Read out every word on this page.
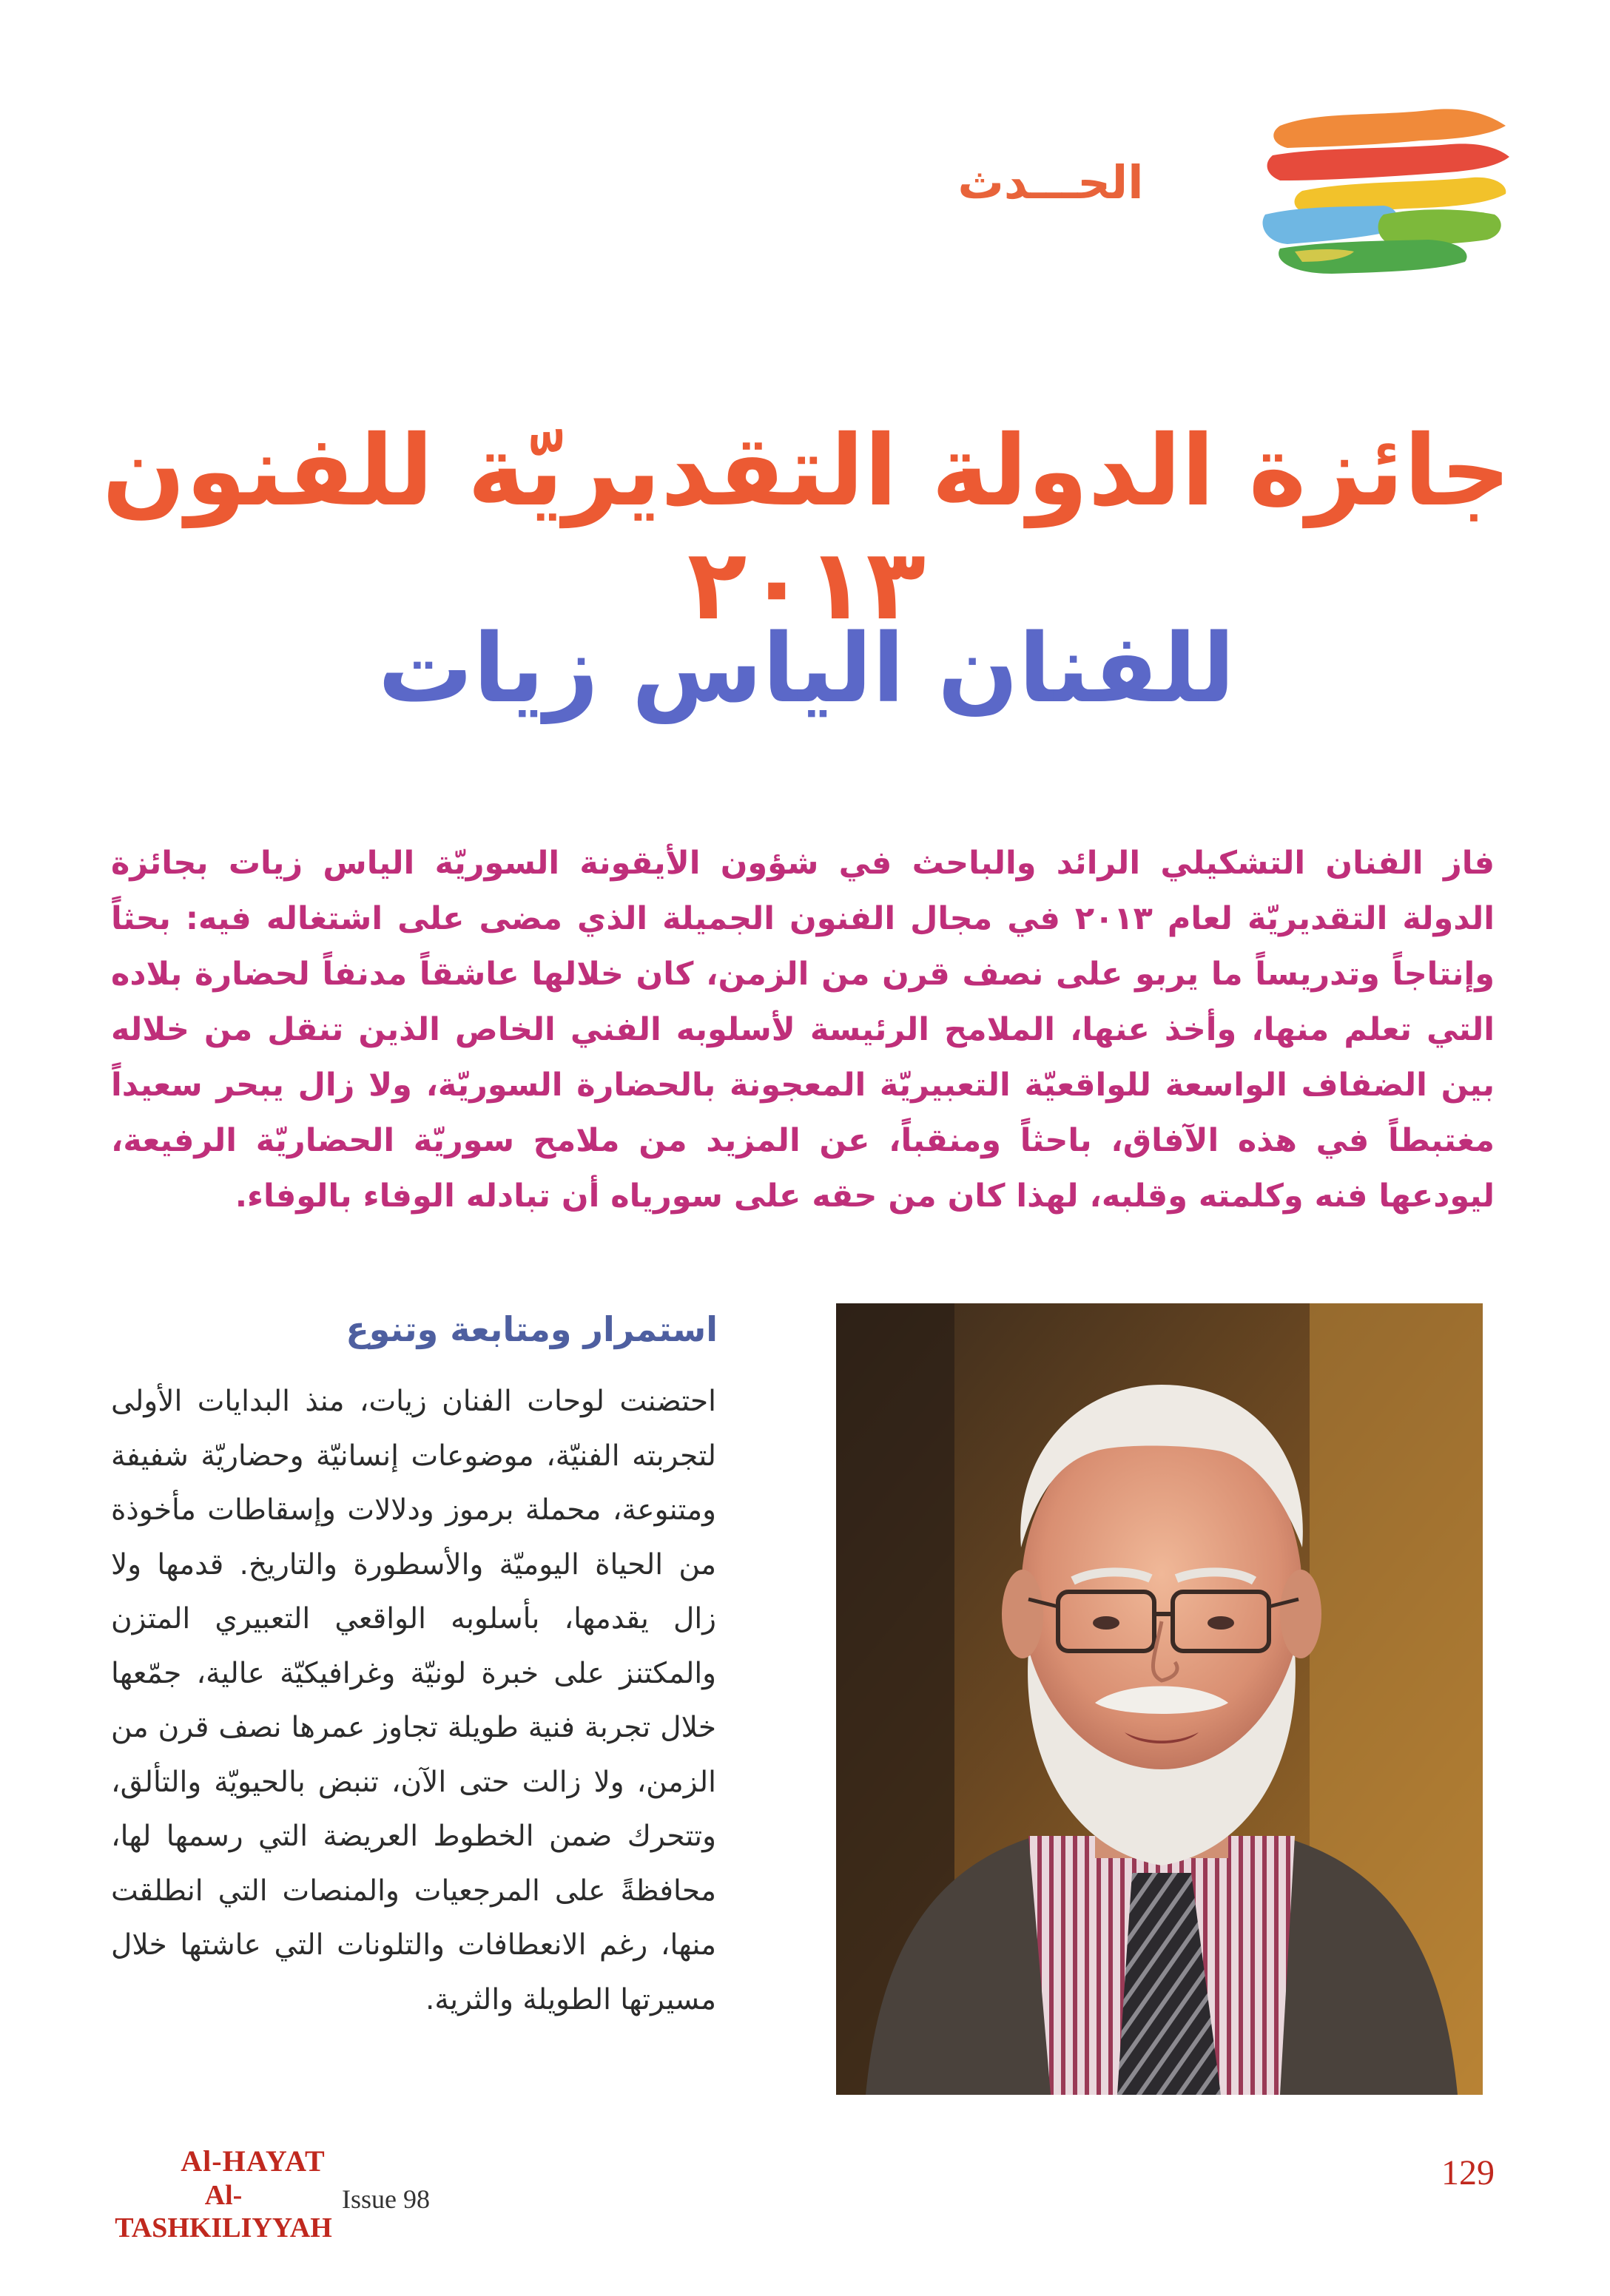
الحـــدث
جائزة الدولة التقديريّة للفنون ٢٠١٣
للفنان الياس زيات
فاز الفنان التشكيلي الرائد والباحث في شؤون الأيقونة السوريّة الياس زيات بجائزة الدولة التقديريّة لعام ٢٠١٣ في مجال الفنون الجميلة الذي مضى على اشتغاله فيه: بحثاً وإنتاجاً وتدريساً ما يربو على نصف قرن من الزمن، كان خلالها عاشقاً مدنفاً لحضارة بلاده التي تعلم منها، وأخذ عنها، الملامح الرئيسة لأسلوبه الفني الخاص الذين تنقل من خلاله بين الضفاف الواسعة للواقعيّة التعبيريّة المعجونة بالحضارة السوريّة، ولا زال يبحر سعيداً مغتبطاً في هذه الآفاق، باحثاً ومنقباً، عن المزيد من ملامح سوريّة الحضاريّة الرفيعة، ليودعها فنه وكلمته وقلبه، لهذا كان من حقه على سورياه أن تبادله الوفاء بالوفاء.
استمرار ومتابعة وتنوع
احتضنت لوحات الفنان زيات، منذ البدايات الأولى لتجربته الفنيّة، موضوعات إنسانيّة وحضاريّة شفيفة ومتنوعة، محملة برموز ودلالات وإسقاطات مأخوذة من الحياة اليوميّة والأسطورة والتاريخ. قدمها ولا زال يقدمها، بأسلوبه الواقعي التعبيري المتزن والمكتنز على خبرة لونيّة وغرافيكيّة عالية، جمّعها خلال تجربة فنية طويلة تجاوز عمرها نصف قرن من الزمن، ولا زالت حتى الآن، تنبض بالحيويّة والتألق، وتتحرك ضمن الخطوط العريضة التي رسمها لها، محافظةً على المرجعيات والمنصات التي انطلقت منها، رغم الانعطافات والتلونات التي عاشتها خلال مسيرتها الطويلة والثرية.
Al-HAYAT
Al-TASHKILIYYAH
Issue 98
129
